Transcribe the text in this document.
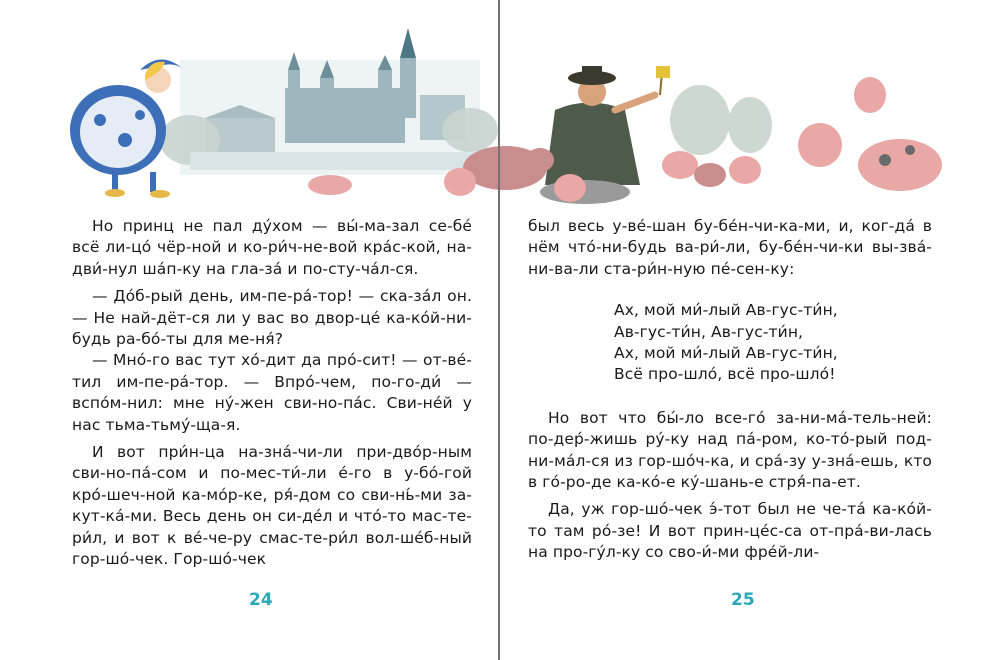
Но принц не пал ду́хом — вы́-ма-зал се-бе́ всё ли-цо́ чёр-ной и ко-ри́ч-не-вой кра́с-кой, на-дви́-нул ша́п-ку на гла-за́ и по-сту-ча́л-ся.

— До́б-рый день, им-пе-ра́-тор! — ска-за́л он. — Не най-дёт-ся ли у вас во двор-це́ ка-ко́й-ни-будь ра-бо́-ты для ме-ня́?

— Мно́-го вас тут хо́-дит да про́-сит! — от-ве́-тил им-пе-ра́-тор. — Впро́-чем, по-го-ди́ — вспо́м-нил: мне ну́-жен сви-но-па́с. Сви-не́й у нас тьма-тьму́-ща-я.

И вот при́н-ца на-зна́-чи-ли при-дво́р-ным сви-но-па́-сом и по-мес-ти́-ли е́-го в у-бо́-гой кро́-шеч-ной ка-мо́р-ке, ря́-дом со сви-нь́-ми за-кут-ка́-ми. Весь день он си-де́л и что́-то мас-те-ри́л, и вот к ве́-че-ру смас-те-ри́л вол-ше́б-ный гор-шо́-чек. Гор-шо́-чек

24

был весь у-ве́-шан бу-бе́н-чи-ка-ми, и, ког-да́ в нём что́-ни-будь ва-ри́-ли, бу-бе́н-чи-ки вы-зва́-ни-ва-ли ста-ри́н-ную пе́-сен-ку:

Ах, мой ми́-лый Ав-гус-ти́н,
Ав-гус-ти́н, Ав-гус-ти́н,
Ах, мой ми́-лый Ав-гус-ти́н,
Всё про-шло́, всё про-шло́!

Но вот что бы́-ло все-го́ за-ни-ма́-тель-ней: по-дер́-жишь ру́-ку над па́-ром, ко-то́-рый под-ни-ма́л-ся из гор-шо́ч-ка, и сра́-зу у-зна́-ешь, кто в го́-ро-де ка-ко́-е ку́-шань-е стря́-па-ет.

Да, уж гор-шо́-чек э́-тот был не че-та́ ка-ко́й-то там ро́-зе! И вот прин-це́с-са от-пра́-ви-лась на про-гу́л-ку со сво-и́-ми фре́й-ли-

25
